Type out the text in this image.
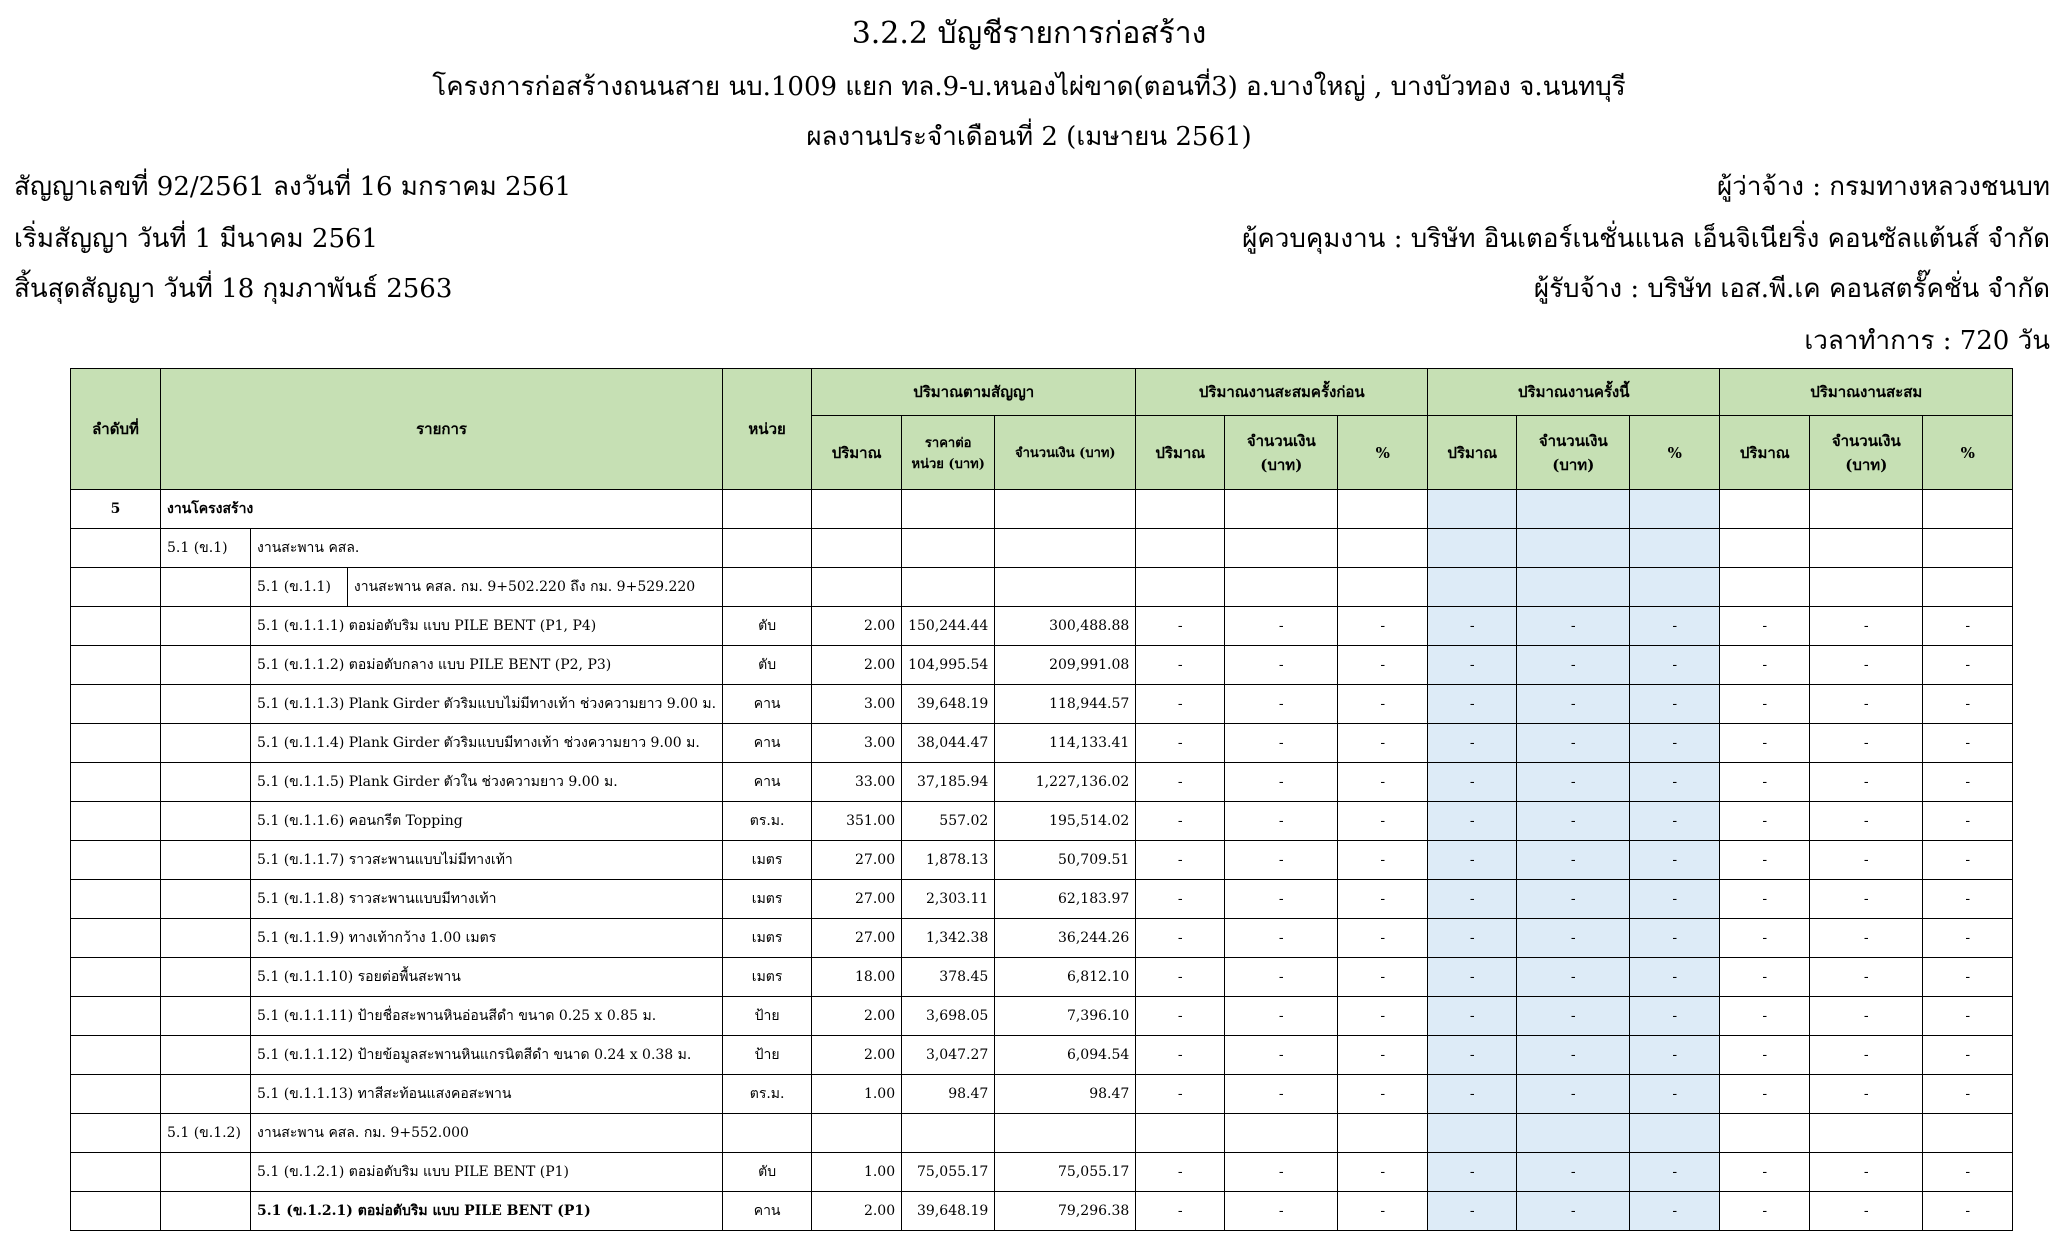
3.2.2 บัญชีรายการก่อสร้าง
โครงการก่อสร้างถนนสาย นบ.1009 แยก ทล.9-บ.หนองไผ่ขาด(ตอนที่3) อ.บางใหญ่ , บางบัวทอง จ.นนทบุรี
ผลงานประจำเดือนที่ 2 (เมษายน 2561)
สัญญาเลขที่ 92/2561 ลงวันที่ 16 มกราคม 2561
เริ่มสัญญา วันที่ 1 มีนาคม 2561
สิ้นสุดสัญญา วันที่ 18 กุมภาพันธ์ 2563
ผู้ว่าจ้าง : กรมทางหลวงชนบท
ผู้ควบคุมงาน : บริษัท อินเตอร์เนชั่นแนล เอ็นจิเนียริ่ง คอนซัลแต้นส์ จำกัด
ผู้รับจ้าง : บริษัท เอส.พี.เค คอนสตรั๊คชั่น จำกัด
เวลาทำการ : 720 วัน
ลำดับที่	รายการ			หน่วย	ปริมาณตามสัญญา			ปริมาณงานสะสมครั้งก่อน			ปริมาณงานครั้งนี้			ปริมาณงานสะสม		
					ปริมาณ	ราคาต่อ หน่วย (บาท)	จำนวนเงิน (บาท)	ปริมาณ	จำนวนเงิน (บาท)	%	ปริมาณ	จำนวนเงิน (บาท)	%	ปริมาณ	จำนวนเงิน (บาท)	%
5	งานโครงสร้าง															
	5.1 (ข.1)	งานสะพาน คสล.														
		5.1 (ข.1.1)	งานสะพาน คสล. กม. 9+502.220 ถึง กม. 9+529.220													
		5.1 (ข.1.1.1) ตอม่อตับริม แบบ PILE BENT (P1, P4)		ตับ	2.00	150,244.44	300,488.88	-	-	-	-	-	-	-	-	-
		5.1 (ข.1.1.2) ตอม่อตับกลาง แบบ PILE BENT (P2, P3)		ตับ	2.00	104,995.54	209,991.08	-	-	-	-	-	-	-	-	-
		5.1 (ข.1.1.3) Plank Girder ตัวริมแบบไม่มีทางเท้า ช่วงความยาว 9.00 ม.		คาน	3.00	39,648.19	118,944.57	-	-	-	-	-	-	-	-	-
		5.1 (ข.1.1.4) Plank Girder ตัวริมแบบมีทางเท้า ช่วงความยาว 9.00 ม.		คาน	3.00	38,044.47	114,133.41	-	-	-	-	-	-	-	-	-
		5.1 (ข.1.1.5) Plank Girder ตัวใน ช่วงความยาว 9.00 ม.		คาน	33.00	37,185.94	1,227,136.02	-	-	-	-	-	-	-	-	-
		5.1 (ข.1.1.6) คอนกรีต Topping		ตร.ม.	351.00	557.02	195,514.02	-	-	-	-	-	-	-	-	-
		5.1 (ข.1.1.7) ราวสะพานแบบไม่มีทางเท้า		เมตร	27.00	1,878.13	50,709.51	-	-	-	-	-	-	-	-	-
		5.1 (ข.1.1.8) ราวสะพานแบบมีทางเท้า		เมตร	27.00	2,303.11	62,183.97	-	-	-	-	-	-	-	-	-
		5.1 (ข.1.1.9) ทางเท้ากว้าง 1.00 เมตร		เมตร	27.00	1,342.38	36,244.26	-	-	-	-	-	-	-	-	-
		5.1 (ข.1.1.10) รอยต่อพื้นสะพาน		เมตร	18.00	378.45	6,812.10	-	-	-	-	-	-	-	-	-
		5.1 (ข.1.1.11) ป้ายชื่อสะพานหินอ่อนสีดำ ขนาด 0.25 x 0.85 ม.		ป้าย	2.00	3,698.05	7,396.10	-	-	-	-	-	-	-	-	-
		5.1 (ข.1.1.12) ป้ายข้อมูลสะพานหินแกรนิตสีดำ ขนาด 0.24 x 0.38 ม.		ป้าย	2.00	3,047.27	6,094.54	-	-	-	-	-	-	-	-	-
		5.1 (ข.1.1.13) ทาสีสะท้อนแสงคอสะพาน		ตร.ม.	1.00	98.47	98.47	-	-	-	-	-	-	-	-	-
	5.1 (ข.1.2)	งานสะพาน คสล. กม. 9+552.000														
		5.1 (ข.1.2.1) ตอม่อตับริม แบบ PILE BENT (P1)		ตับ	1.00	75,055.17	75,055.17	-	-	-	-	-	-	-	-	-
		5.1 (ข.1.2.1) ตอม่อตับริม แบบ PILE BENT (P1)		คาน	2.00	39,648.19	79,296.38	-	-	-	-	-	-	-	-	-
